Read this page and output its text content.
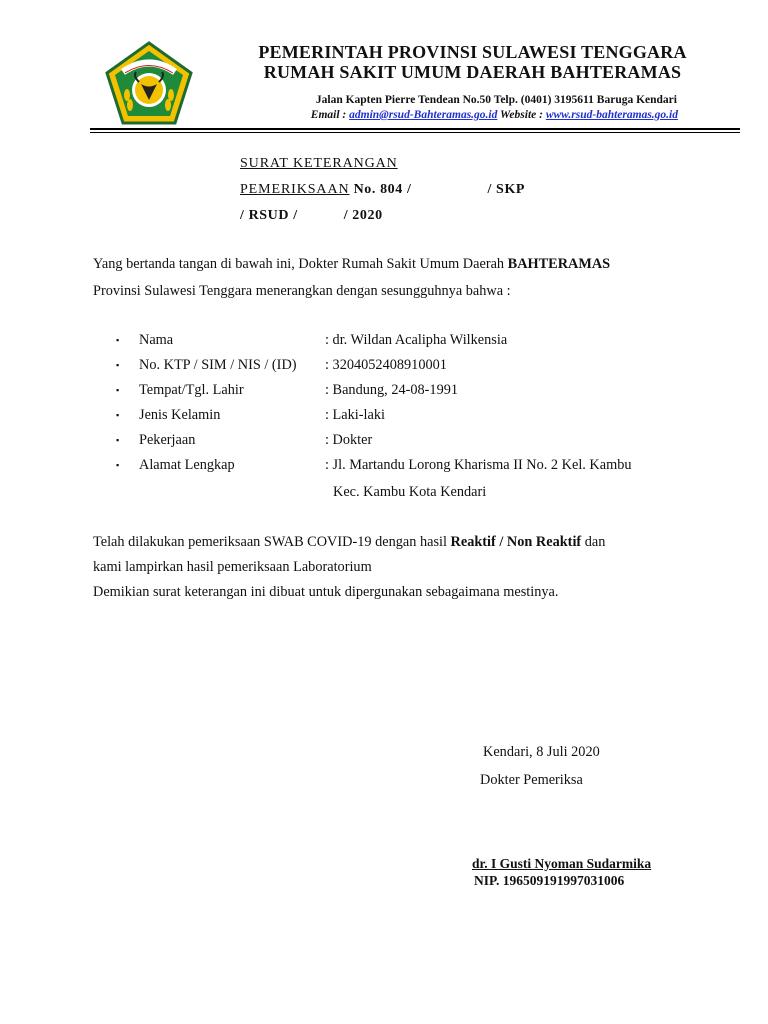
PEMERINTAH PROVINSI SULAWESI TENGGARA
RUMAH SAKIT UMUM DAERAH BAHTERAMAS
Jalan Kapten Pierre Tendean No.50 Telp. (0401) 3195611 Baruga Kendari
Email : admin@rsud-Bahteramas.go.id Website : www.rsud-bahteramas.go.id
SURAT KETERANGAN
PEMERIKSAAN No. 804 /	/ SKP
/ RSUD /	/ 2020
Yang bertanda tangan di bawah ini, Dokter Rumah Sakit Umum Daerah BAHTERAMAS
Provinsi Sulawesi Tenggara menerangkan dengan sesungguhnya bahwa :
▪ Nama	: dr. Wildan Acalipha Wilkensia
▪ No. KTP / SIM / NIS / (ID) : 3204052408910001
▪ Tempat/Tgl. Lahir	: Bandung, 24-08-1991
▪ Jenis Kelamin	: Laki-laki
▪ Pekerjaan	: Dokter
▪ Alamat Lengkap	: Jl. Martandu Lorong Kharisma II No. 2 Kel. Kambu
Kec. Kambu Kota Kendari
Telah dilakukan pemeriksaan SWAB COVID-19 dengan hasil Reaktif / Non Reaktif dan
kami lampirkan hasil pemeriksaan Laboratorium
Demikian surat keterangan ini dibuat untuk dipergunakan sebagaimana mestinya.
Kendari, 8 Juli 2020
Dokter Pemeriksa
dr. I Gusti Nyoman Sudarmika
NIP. 196509191997031006
